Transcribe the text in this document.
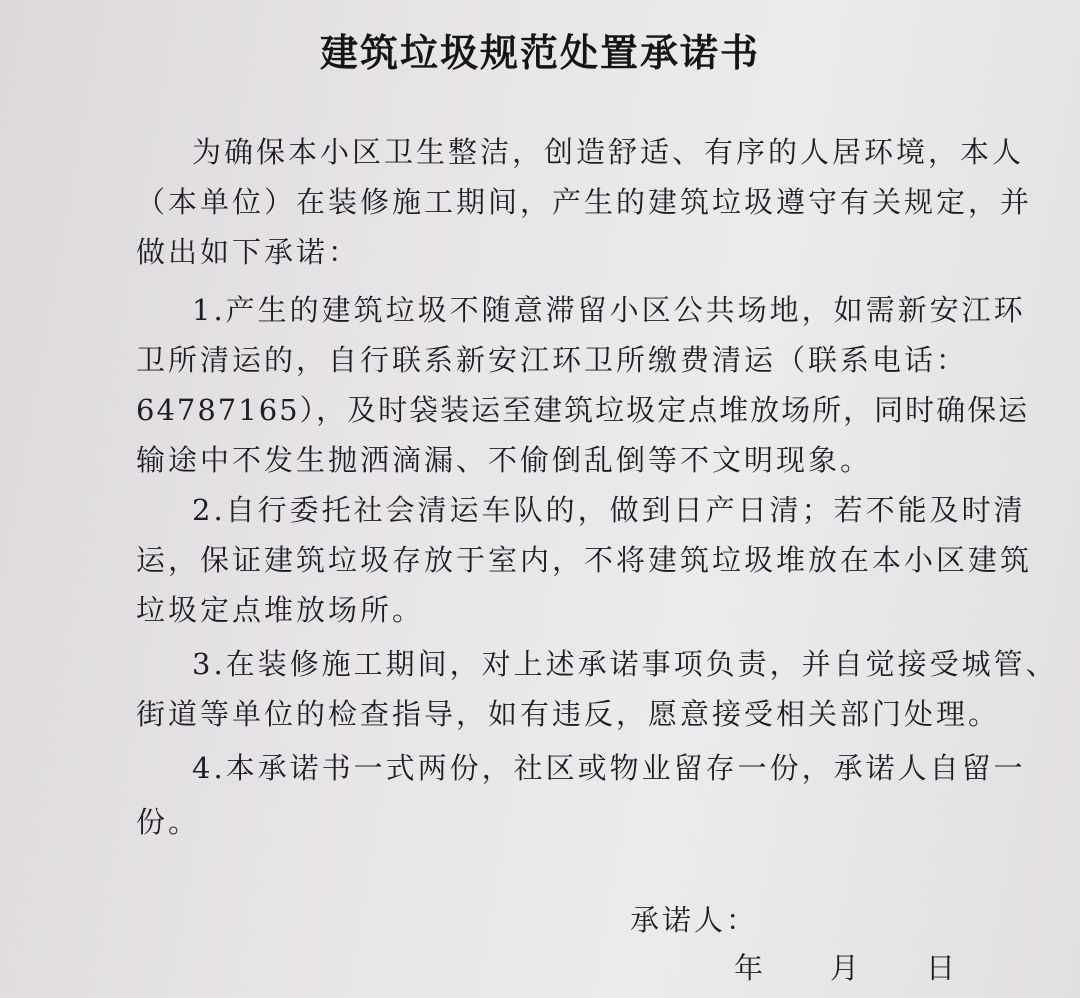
建筑垃圾规范处置承诺书
为确保本小区卫生整洁，创造舒适、有序的人居环境，本人
（本单位）在装修施工期间，产生的建筑垃圾遵守有关规定，并
做出如下承诺：
1.产生的建筑垃圾不随意滞留小区公共场地，如需新安江环
卫所清运的，自行联系新安江环卫所缴费清运（联系电话：
64787165），及时袋装运至建筑垃圾定点堆放场所，同时确保运
输途中不发生抛洒滴漏、不偷倒乱倒等不文明现象。
2.自行委托社会清运车队的，做到日产日清；若不能及时清
运，保证建筑垃圾存放于室内，不将建筑垃圾堆放在本小区建筑
垃圾定点堆放场所。
3.在装修施工期间，对上述承诺事项负责，并自觉接受城管、
街道等单位的检查指导，如有违反，愿意接受相关部门处理。
4.本承诺书一式两份，社区或物业留存一份，承诺人自留一
份。
承诺人：
年　　月　　日
